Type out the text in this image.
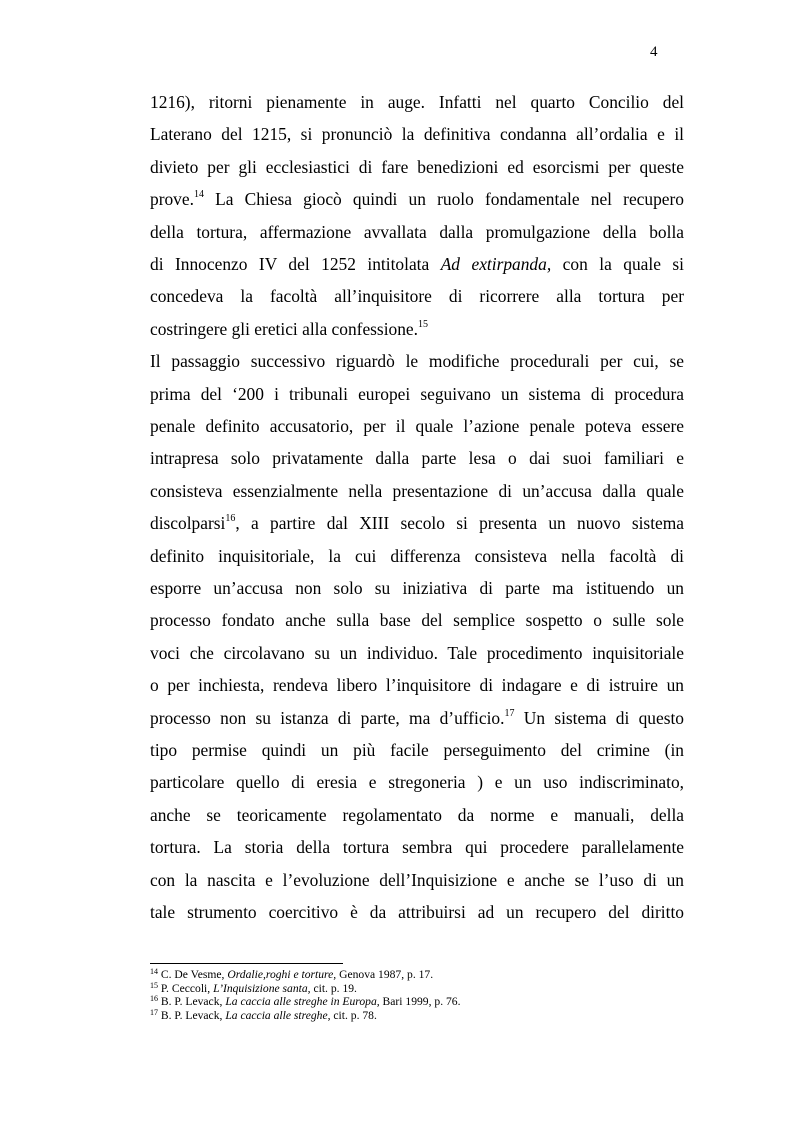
4
1216), ritorni pienamente in auge. Infatti nel quarto Concilio del
Laterano del 1215, si pronunciò la definitiva condanna all’ordalia e il
divieto per gli ecclesiastici di fare benedizioni ed esorcismi per queste
prove.$^{14}$ La Chiesa giocò quindi un ruolo fondamentale nel recupero
della tortura, affermazione avvallata dalla promulgazione della bolla
di Innocenzo IV del 1252 intitolata Ad extirpanda, con la quale si
concedeva la facoltà all’inquisitore di ricorrere alla tortura per
costringere gli eretici alla confessione.$^{15}$
Il passaggio successivo riguardò le modifiche procedurali per cui, se
prima del ‘200 i tribunali europei seguivano un sistema di procedura
penale definito accusatorio, per il quale l’azione penale poteva essere
intrapresa solo privatamente dalla parte lesa o dai suoi familiari e
consisteva essenzialmente nella presentazione di un’accusa dalla quale
discolparsi$^{16}$, a partire dal XIII secolo si presenta un nuovo sistema
definito inquisitoriale, la cui differenza consisteva nella facoltà di
esporre un’accusa non solo su iniziativa di parte ma istituendo un
processo fondato anche sulla base del semplice sospetto o sulle sole
voci che circolavano su un individuo. Tale procedimento inquisitoriale
o per inchiesta, rendeva libero l’inquisitore di indagare e di istruire un
processo non su istanza di parte, ma d’ufficio.$^{17}$ Un sistema di questo
tipo permise quindi un più facile perseguimento del crimine (in
particolare quello di eresia e stregoneria ) e un uso indiscriminato,
anche se teoricamente regolamentato da norme e manuali, della
tortura. La storia della tortura sembra qui procedere parallelamente
con la nascita e l’evoluzione dell’Inquisizione e anche se l’uso di un
tale strumento coercitivo è da attribuirsi ad un recupero del diritto
$^{14}$ C. De Vesme, Ordalie,roghi e torture, Genova 1987, p. 17.
$^{15}$ P. Ceccoli, L’Inquisizione santa, cit. p. 19.
$^{16}$ B. P. Levack, La caccia alle streghe in Europa, Bari 1999, p. 76.
$^{17}$ B. P. Levack, La caccia alle streghe, cit. p. 78.
